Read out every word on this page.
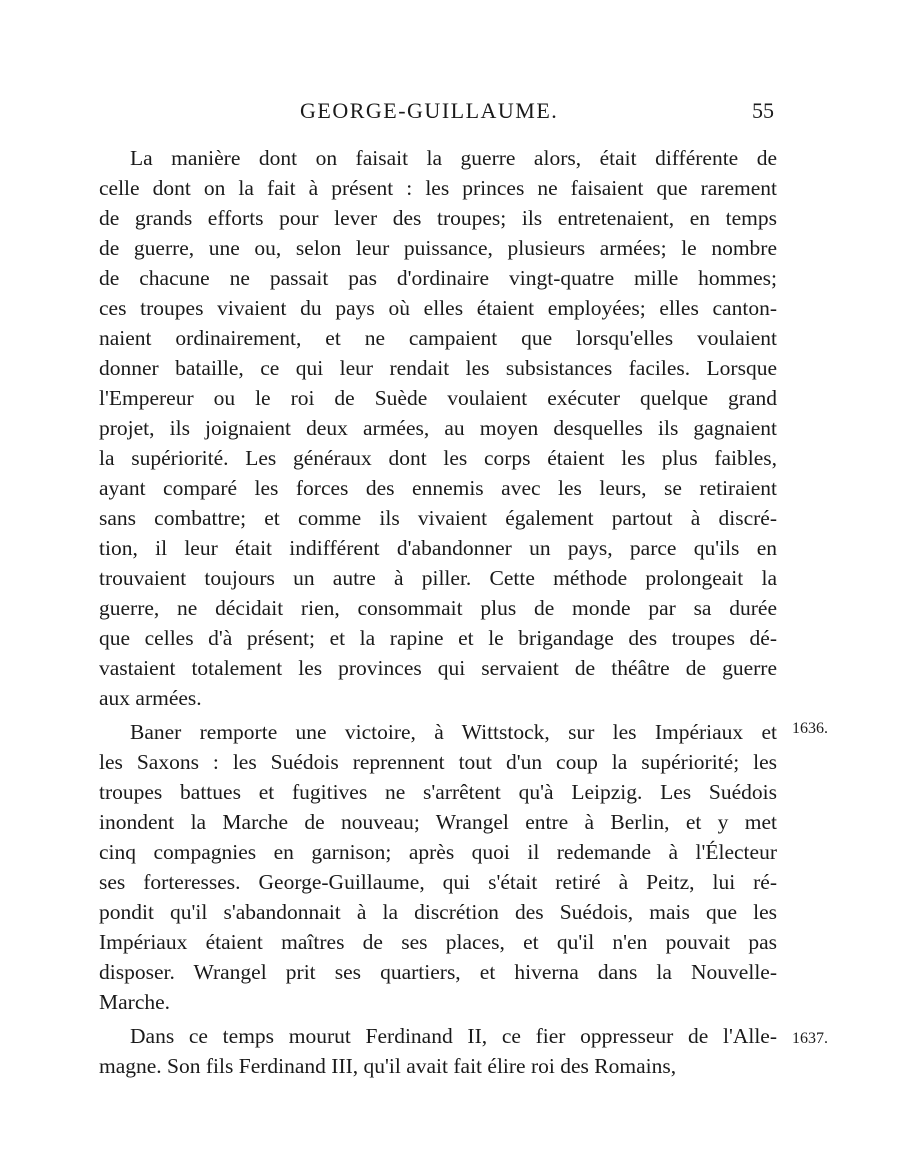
GEORGE-GUILLAUME.	55
La manière dont on faisait la guerre alors, était différente de
celle dont on la fait à présent : les princes ne faisaient que rarement
de grands efforts pour lever des troupes; ils entretenaient, en temps
de guerre, une ou, selon leur puissance, plusieurs armées; le nombre
de chacune ne passait pas d'ordinaire vingt-quatre mille hommes;
ces troupes vivaient du pays où elles étaient employées; elles canton-
naient ordinairement, et ne campaient que lorsqu'elles voulaient
donner bataille, ce qui leur rendait les subsistances faciles. Lorsque
l'Empereur ou le roi de Suède voulaient exécuter quelque grand
projet, ils joignaient deux armées, au moyen desquelles ils gagnaient
la supériorité. Les généraux dont les corps étaient les plus faibles,
ayant comparé les forces des ennemis avec les leurs, se retiraient
sans combattre; et comme ils vivaient également partout à discré-
tion, il leur était indifférent d'abandonner un pays, parce qu'ils en
trouvaient toujours un autre à piller. Cette méthode prolongeait la
guerre, ne décidait rien, consommait plus de monde par sa durée
que celles d'à présent; et la rapine et le brigandage des troupes dé-
vastaient totalement les provinces qui servaient de théâtre de guerre
aux armées.
Baner remporte une victoire, à Wittstock, sur les Impériaux et
les Saxons : les Suédois reprennent tout d'un coup la supériorité; les
troupes battues et fugitives ne s'arrêtent qu'à Leipzig. Les Suédois
inondent la Marche de nouveau; Wrangel entre à Berlin, et y met
cinq compagnies en garnison; après quoi il redemande à l'Électeur
ses forteresses. George-Guillaume, qui s'était retiré à Peitz, lui ré-
pondit qu'il s'abandonnait à la discrétion des Suédois, mais que les
Impériaux étaient maîtres de ses places, et qu'il n'en pouvait pas
disposer. Wrangel prit ses quartiers, et hiverna dans la Nouvelle-
Marche.
Dans ce temps mourut Ferdinand II, ce fier oppresseur de l'Alle-
magne. Son fils Ferdinand III, qu'il avait fait élire roi des Romains,
1636.
1637.
